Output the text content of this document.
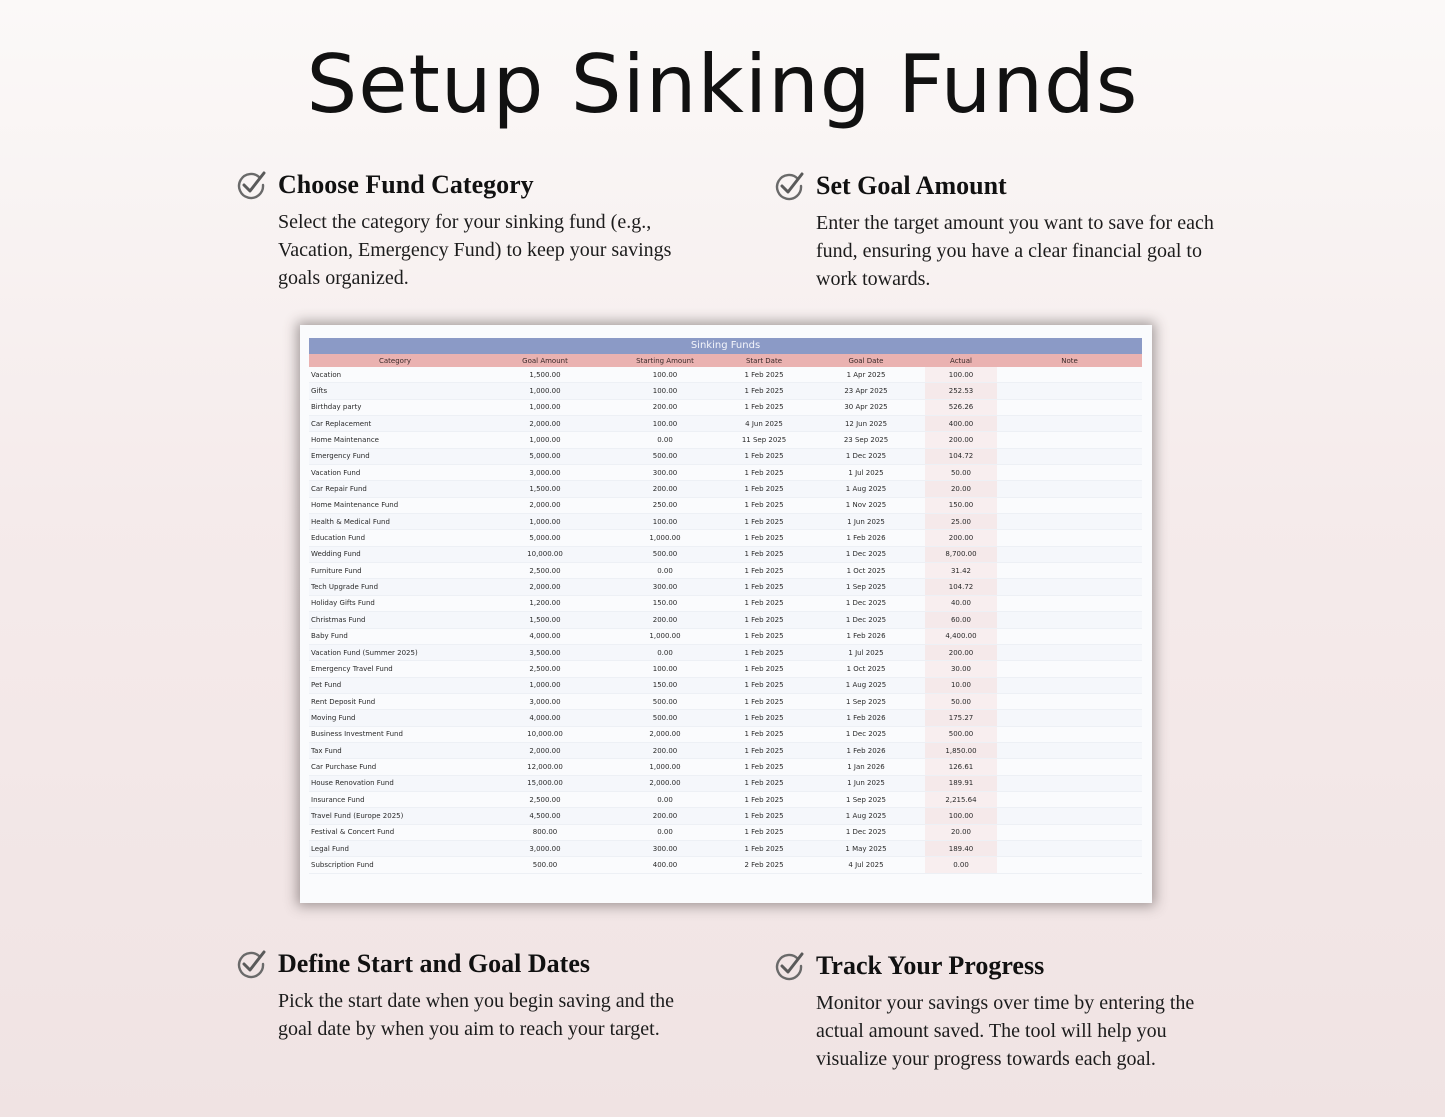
Setup Sinking Funds
Choose Fund Category
Select the category for your sinking fund (e.g., Vacation, Emergency Fund) to keep your savings goals organized.
Set Goal Amount
Enter the target amount you want to save for each fund, ensuring you have a clear financial goal to work towards.
Sinking Funds
Category	Goal Amount	Starting Amount	Start Date	Goal Date	Actual	Note
Vacation	1,500.00	100.00	1 Feb 2025	1 Apr 2025	100.00	
Gifts	1,000.00	100.00	1 Feb 2025	23 Apr 2025	252.53	
Birthday party	1,000.00	200.00	1 Feb 2025	30 Apr 2025	526.26	
Car Replacement	2,000.00	100.00	4 Jun 2025	12 Jun 2025	400.00	
Home Maintenance	1,000.00	0.00	11 Sep 2025	23 Sep 2025	200.00	
Emergency Fund	5,000.00	500.00	1 Feb 2025	1 Dec 2025	104.72	
Vacation Fund	3,000.00	300.00	1 Feb 2025	1 Jul 2025	50.00	
Car Repair Fund	1,500.00	200.00	1 Feb 2025	1 Aug 2025	20.00	
Home Maintenance Fund	2,000.00	250.00	1 Feb 2025	1 Nov 2025	150.00	
Health & Medical Fund	1,000.00	100.00	1 Feb 2025	1 Jun 2025	25.00	
Education Fund	5,000.00	1,000.00	1 Feb 2025	1 Feb 2026	200.00	
Wedding Fund	10,000.00	500.00	1 Feb 2025	1 Dec 2025	8,700.00	
Furniture Fund	2,500.00	0.00	1 Feb 2025	1 Oct 2025	31.42	
Tech Upgrade Fund	2,000.00	300.00	1 Feb 2025	1 Sep 2025	104.72	
Holiday Gifts Fund	1,200.00	150.00	1 Feb 2025	1 Dec 2025	40.00	
Christmas Fund	1,500.00	200.00	1 Feb 2025	1 Dec 2025	60.00	
Baby Fund	4,000.00	1,000.00	1 Feb 2025	1 Feb 2026	4,400.00	
Vacation Fund (Summer 2025)	3,500.00	0.00	1 Feb 2025	1 Jul 2025	200.00	
Emergency Travel Fund	2,500.00	100.00	1 Feb 2025	1 Oct 2025	30.00	
Pet Fund	1,000.00	150.00	1 Feb 2025	1 Aug 2025	10.00	
Rent Deposit Fund	3,000.00	500.00	1 Feb 2025	1 Sep 2025	50.00	
Moving Fund	4,000.00	500.00	1 Feb 2025	1 Feb 2026	175.27	
Business Investment Fund	10,000.00	2,000.00	1 Feb 2025	1 Dec 2025	500.00	
Tax Fund	2,000.00	200.00	1 Feb 2025	1 Feb 2026	1,850.00	
Car Purchase Fund	12,000.00	1,000.00	1 Feb 2025	1 Jan 2026	126.61	
House Renovation Fund	15,000.00	2,000.00	1 Feb 2025	1 Jun 2025	189.91	
Insurance Fund	2,500.00	0.00	1 Feb 2025	1 Sep 2025	2,215.64	
Travel Fund (Europe 2025)	4,500.00	200.00	1 Feb 2025	1 Aug 2025	100.00	
Festival & Concert Fund	800.00	0.00	1 Feb 2025	1 Dec 2025	20.00	
Legal Fund	3,000.00	300.00	1 Feb 2025	1 May 2025	189.40	
Subscription Fund	500.00	400.00	2 Feb 2025	4 Jul 2025	0.00	
Define Start and Goal Dates
Pick the start date when you begin saving and the goal date by when you aim to reach your target.
Track Your Progress
Monitor your savings over time by entering the actual amount saved. The tool will help you visualize your progress towards each goal.
